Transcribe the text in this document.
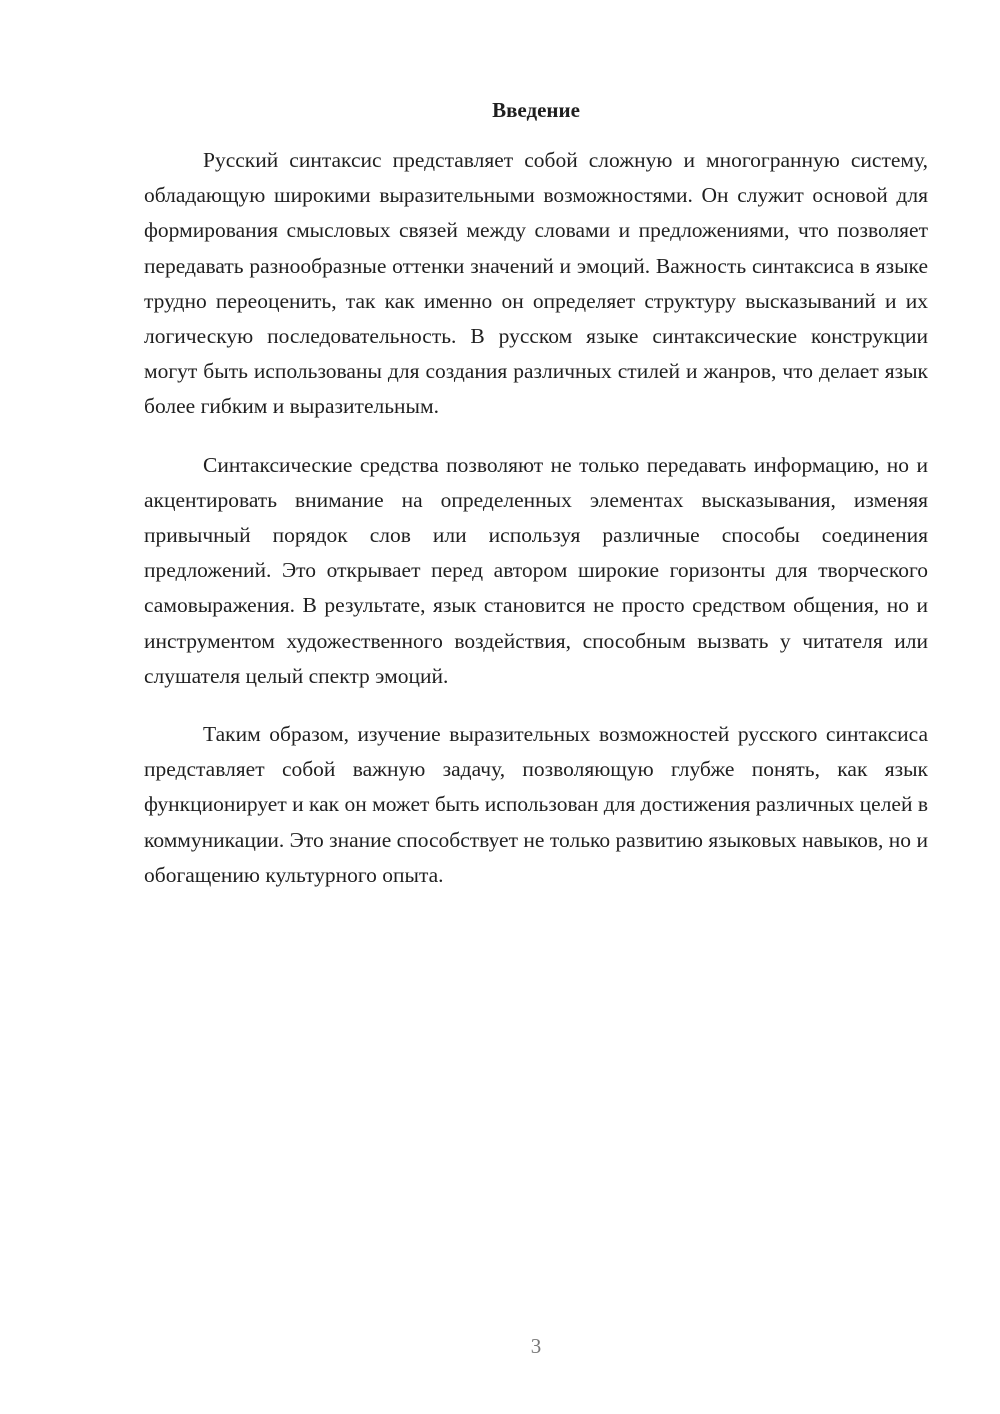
Введение

Русский синтаксис представляет собой сложную и многогранную систему, обладающую широкими выразительными возможностями. Он служит основой для формирования смысловых связей между словами и предложениями, что позволяет передавать разнообразные оттенки значений и эмоций. Важность синтаксиса в языке трудно переоценить, так как именно он определяет структуру высказываний и их логическую последовательность. В русском языке синтаксические конструкции могут быть использованы для создания различных стилей и жанров, что делает язык более гибким и выразительным.

Синтаксические средства позволяют не только передавать информацию, но и акцентировать внимание на определенных элементах высказывания, изменяя привычный порядок слов или используя различные способы соединения предложений. Это открывает перед автором широкие горизонты для творческого самовыражения. В результате, язык становится не просто средством общения, но и инструментом художественного воздействия, способным вызвать у читателя или слушателя целый спектр эмоций.

Таким образом, изучение выразительных возможностей русского синтаксиса представляет собой важную задачу, позволяющую глубже понять, как язык функционирует и как он может быть использован для достижения различных целей в коммуникации. Это знание способствует не только развитию языковых навыков, но и обогащению культурного опыта.

3
